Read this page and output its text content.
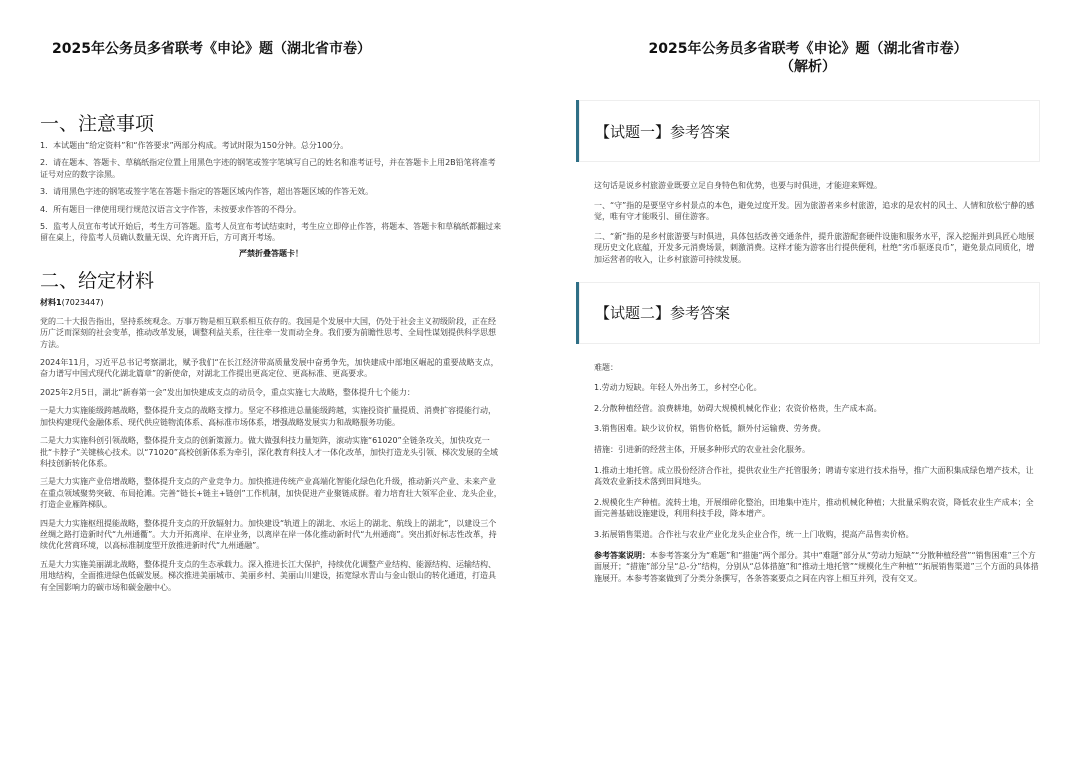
2025年公务员多省联考《申论》题（湖北省市卷）
一、注意事项

1．本试题由“给定资料”和“作答要求”两部分构成。考试时限为150分钟。总分100分。

2．请在题本、答题卡、草稿纸指定位置上用黑色字迹的钢笔或签字笔填写自己的姓名和准考证号，并在答题卡上用2B铅笔将准考证号对应的数字涂黑。

3．请用黑色字迹的钢笔或签字笔在答题卡指定的答题区域内作答，超出答题区域的作答无效。

4．所有题目一律使用现行规范汉语言文字作答，未按要求作答的不得分。

5．监考人员宣布考试开始后，考生方可答题。监考人员宣布考试结束时，考生应立即停止作答，将题本、答题卡和草稿纸都翻过来留在桌上，待监考人员确认数量无误、允许离开后，方可离开考场。

严禁折叠答题卡！

二、给定材料

材料1(7023447)

党的二十大报告指出，坚持系统观念。万事万物是相互联系相互依存的。我国是个发展中大国，仍处于社会主义初级阶段，正在经历广泛而深刻的社会变革，推动改革发展，调整利益关系，往往牵一发而动全身。我们要为前瞻性思考、全局性谋划提供科学思想方法。

2024年11月，习近平总书记考察湖北，赋予我们“在长江经济带高质量发展中奋勇争先，加快建成中部地区崛起的重要战略支点，奋力谱写中国式现代化湖北篇章”的新使命，对湖北工作提出更高定位、更高标准、更高要求。

2025年2月5日，湖北“新春第一会”发出加快建成支点的动员令，重点实施七大战略，整体提升七个能力：

一是大力实施能级跨越战略，整体提升支点的战略支撑力。坚定不移推进总量能级跨越，实施投资扩量提质、消费扩容提能行动，加快构建现代金融体系、现代供应链物流体系、高标准市场体系，增强战略发展实力和战略服务功能。

二是大力实施科创引领战略，整体提升支点的创新策源力。做大做强科技力量矩阵，滚动实施“61020”全链条攻关，加快攻克一批“卡脖子”关键核心技术。以“71020”高校创新体系为牵引，深化教育科技人才一体化改革，加快打造龙头引领、梯次发展的全域科技创新转化体系。

三是大力实施产业倍增战略，整体提升支点的产业竞争力。加快推进传统产业高端化智能化绿色化升级，推动新兴产业、未来产业在重点领域聚势突破、布局抢滩。完善“链长+链主+链创”工作机制，加快促进产业聚链成群。着力培育壮大领军企业、龙头企业，打造企业雁阵梯队。

四是大力实施枢纽提能战略，整体提升支点的开放辐射力。加快建设“轨道上的湖北、水运上的湖北、航线上的湖北”，以建设三个丝绸之路打造新时代“九州通衢”。大力开拓离岸、在岸业务，以离岸在岸一体化推动新时代“九州通商”。突出抓好标志性改革，持续优化营商环境，以高标准制度型开放推进新时代“九州通融”。

五是大力实施美丽湖北战略，整体提升支点的生态承载力。深入推进长江大保护，持续优化调整产业结构、能源结构、运输结构、用地结构，全面推进绿色低碳发展。梯次推进美丽城市、美丽乡村、美丽山川建设，拓宽绿水青山与金山银山的转化通道，打造具有全国影响力的碳市场和碳金融中心。

2025年公务员多省联考《申论》题（湖北省市卷）
（解析）
【试题一】参考答案

这句话是说乡村旅游业既要立足自身特色和优势，也要与时俱进，才能迎来辉煌。

一、“守”指的是要坚守乡村景点的本色，避免过度开发。因为旅游者来乡村旅游，追求的是农村的风土、人情和放松宁静的感觉，唯有守才能吸引、留住游客。

二、“新”指的是乡村旅游要与时俱进，具体包括改善交通条件，提升旅游配套硬件设施和服务水平，深入挖掘并到具匠心地展现历史文化底蕴，开发多元消费场景，刺激消费。这样才能为游客出行提供便利，杜绝“劣币驱逐良币”，避免景点同质化，增加运营者的收入，让乡村旅游可持续发展。

【试题二】参考答案

难题：

1.劳动力短缺。年轻人外出务工，乡村空心化。

2.分散种植经营。浪费耕地，妨碍大规模机械化作业；农资价格贵，生产成本高。

3.销售困难。缺少议价权，销售价格低，额外付运输费、劳务费。

措施：引进新的经营主体，开展多种形式的农业社会化服务。

1.推动土地托管。成立股份经济合作社，提供农业生产托管服务；聘请专家进行技术指导，推广大面积集成绿色增产技术，让高效农业新技术落到田间地头。

2.规模化生产种植。流转土地，开展细碎化整治，田地集中连片，推动机械化种植；大批量采购农资，降低农业生产成本；全面完善基础设施建设，利用科技手段，降本增产。

3.拓展销售渠道。合作社与农业产业化龙头企业合作，统一上门收购，提高产品售卖价格。

参考答案说明：本参考答案分为“难题”和“措施”两个部分。其中“难题”部分从“劳动力短缺”“分散种植经营”“销售困难”三个方面展开；“措施”部分呈“总-分”结构，分别从“总体措施”和“推动土地托管”“规模化生产种植”“拓展销售渠道”三个方面的具体措施展开。本参考答案做到了分类分条撰写，各条答案要点之间在内容上相互并列，没有交叉。
